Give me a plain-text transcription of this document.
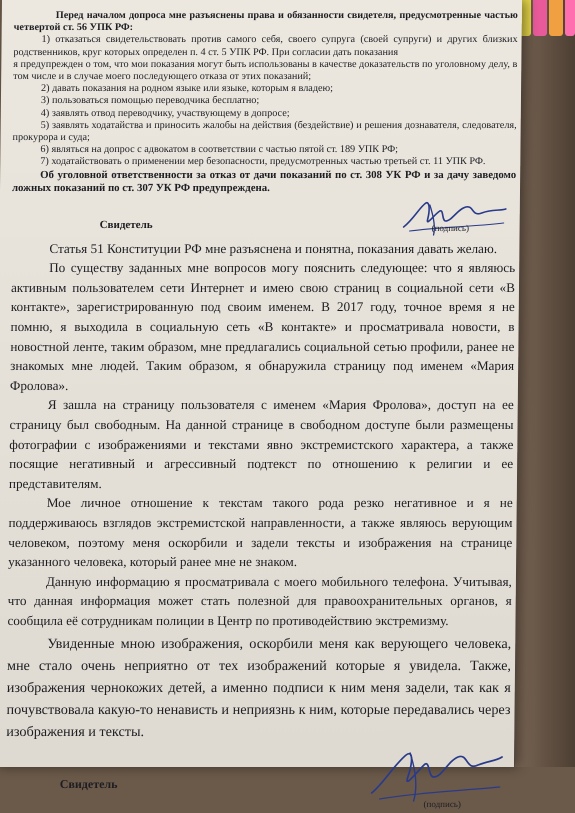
Перед началом допроса мне разъяснены права и обязанности свидетеля, предусмотренные частью четвертой ст. 56 УПК РФ:

1) отказаться свидетельствовать против самого себя, своего супруга (своей супруги) и других близких родственников, круг которых определен п. 4 ст. 5 УПК РФ. При согласии дать показания

я предупрежден о том, что мои показания могут быть использованы в качестве доказательств по уголовному делу, в том числе и в случае моего последующего отказа от этих показаний;

2) давать показания на родном языке или языке, которым я владею;

3) пользоваться помощью переводчика бесплатно;

4) заявлять отвод переводчику, участвующему в допросе;

5) заявлять ходатайства и приносить жалобы на действия (бездействие) и решения дознавателя, следователя, прокурора и суда;

6) являться на допрос с адвокатом в соответствии с частью пятой ст. 189 УПК РФ;

7) ходатайствовать о применении мер безопасности, предусмотренных частью третьей ст. 11 УПК РФ.

Об уголовной ответственности за отказ от дачи показаний по ст. 308 УК РФ и за дачу заведомо ложных показаний по ст. 307 УК РФ предупреждена.

Свидетель	(подпись)

Статья 51 Конституции РФ мне разъяснена и понятна, показания давать желаю.

По существу заданных мне вопросов могу пояснить следующее: что я являюсь активным пользователем сети Интернет и имею свою страниц в социальной сети «В контакте», зарегистрированную под своим именем. В 2017 году, точное время я не помню, я выходила в социальную сеть «В контакте» и просматривала новости, в новостной ленте, таким образом, мне предлагались социальной сетью профили, ранее не знакомых мне людей. Таким образом, я обнаружила страницу под именем «Мария Фролова».

Я зашла на страницу пользователя с именем «Мария Фролова», доступ на ее страницу был свободным. На данной странице в свободном доступе были размещены фотографии с изображениями и текстами явно экстремистского характера, а также посящие негативный и агрессивный подтекст по отношению к религии и ее представителям.

Мое личное отношение к текстам такого рода резко негативное и я не поддерживаюсь взглядов экстремистской направленности, а также являюсь верующим человеком, поэтому меня оскорбили и задели тексты и изображения на странице указанного человека, который ранее мне не знаком.

Данную информацию я просматривала с моего мобильного телефона. Учитывая, что данная информация может стать полезной для правоохранительных органов, я сообщила её сотрудникам полиции в Центр по противодействию экстремизму.

Увиденные мною изображения, оскорбили меня как верующего человека, мне стало очень неприятно от тех изображений которые я увидела. Также, изображения чернокожих детей, а именно подписи к ним меня задели, так как я почувствовала какую-то ненависть и неприязнь к ним, которые передавались через изображения и тексты.

Свидетель
(подпись)
